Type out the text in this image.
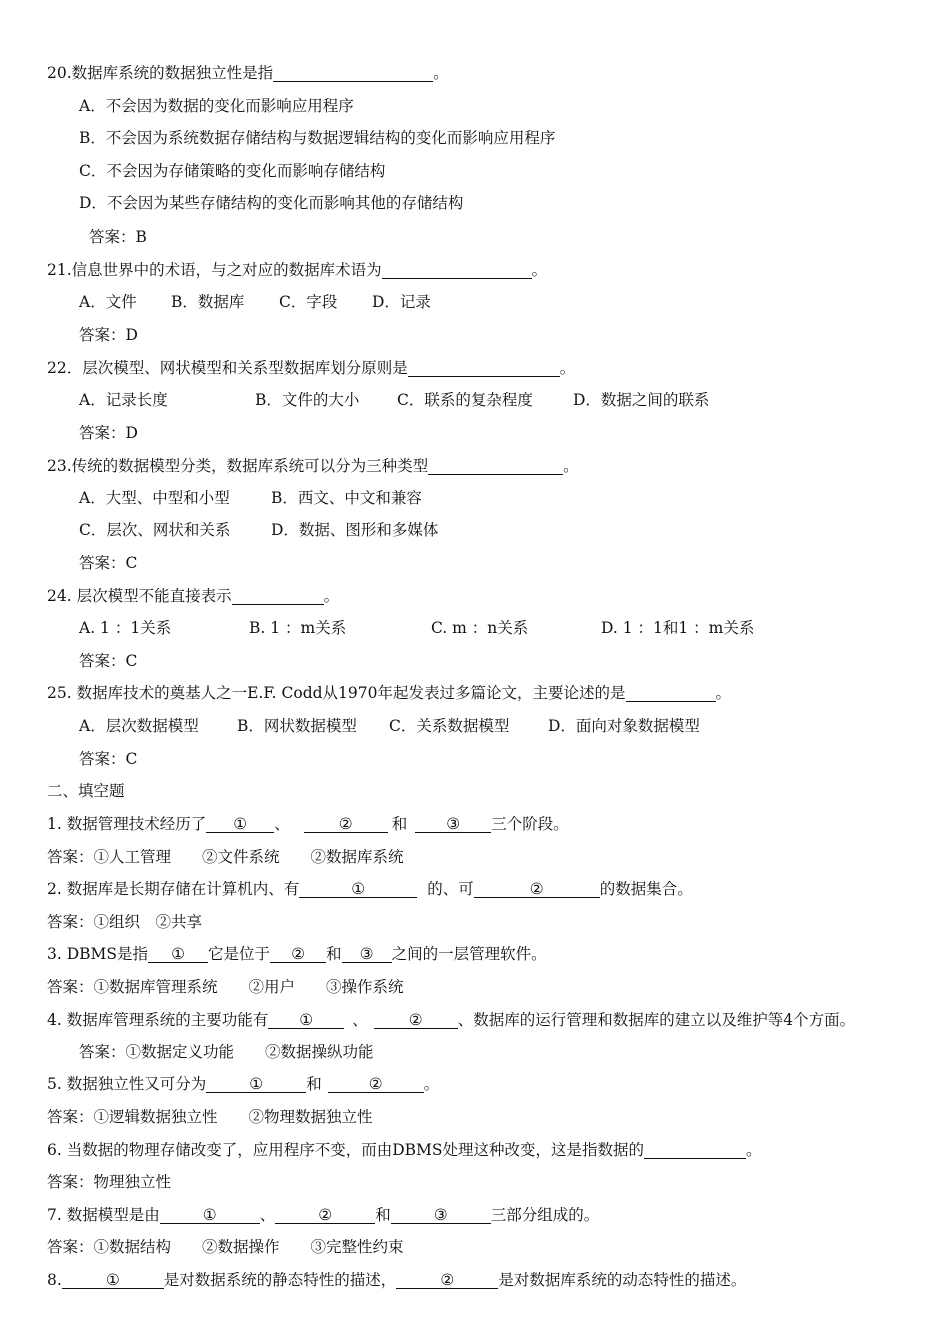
20.数据库系统的数据独立性是指	。
A．不会因为数据的变化而影响应用程序
B．不会因为系统数据存储结构与数据逻辑结构的变化而影响应用程序
C．不会因为存储策略的变化而影响存储结构
D．不会因为某些存储结构的变化而影响其他的存储结构
答案：B
21.信息世界中的术语，与之对应的数据库术语为	。
A．文件 B．数据库 C．字段 D．记录
答案：D
22．层次模型、网状模型和关系型数据库划分原则是	。
A．记录长度	B．文件的大小 C．联系的复杂程度	D．数据之间的联系
答案：D
23.传统的数据模型分类，数据库系统可以分为三种类型	。
A．大型、中型和小型	B．西文、中文和兼容
C．层次、网状和关系	D．数据、图形和多媒体
答案：C
24. 层次模型不能直接表示	。
A. 1 ：1关系	B. 1 ：m关系	C. m ：n关系	D. 1 ：1和1 ：m关系
答案：C
25. 数据库技术的奠基人之一E.F. Codd从1970年起发表过多篇论文，主要论述的是	。
A．层次数据模型 B．网状数据模型 C．关系数据模型 D．面向对象数据模型
答案：C
二、填空题
1. 数据管理技术经历了 ① 、	②	和	③ 三个阶段。
答案：①人工管理　　②文件系统　　②数据库系统
2. 数据库是长期存储在计算机内、有	①	的、可	②	的数据集合。
答案：①组织　②共享
3. DBMS是指 ① 它是位于 ② 和 ③ 之间的一层管理软件。
答案：①数据库管理系统　　②用户　　③操作系统
4. 数据库管理系统的主要功能有 ①	、	② 、数据库的运行管理和数据库的建立以及维护等4个方面。
答案：①数据定义功能　　②数据操纵功能
5. 数据独立性又可分为	①	和	②	。
答案：①逻辑数据独立性　　②物理数据独立性
6. 当数据的物理存储改变了，应用程序不变，而由DBMS处理这种改变，这是指数据的	。
答案：物理独立性
7. 数据模型是由	①	、	②	和	③	三部分组成的。
答案：①数据结构　　②数据操作　　③完整性约束
8.	①	是对数据系统的静态特性的描述，	②	是对数据库系统的动态特性的描述。
